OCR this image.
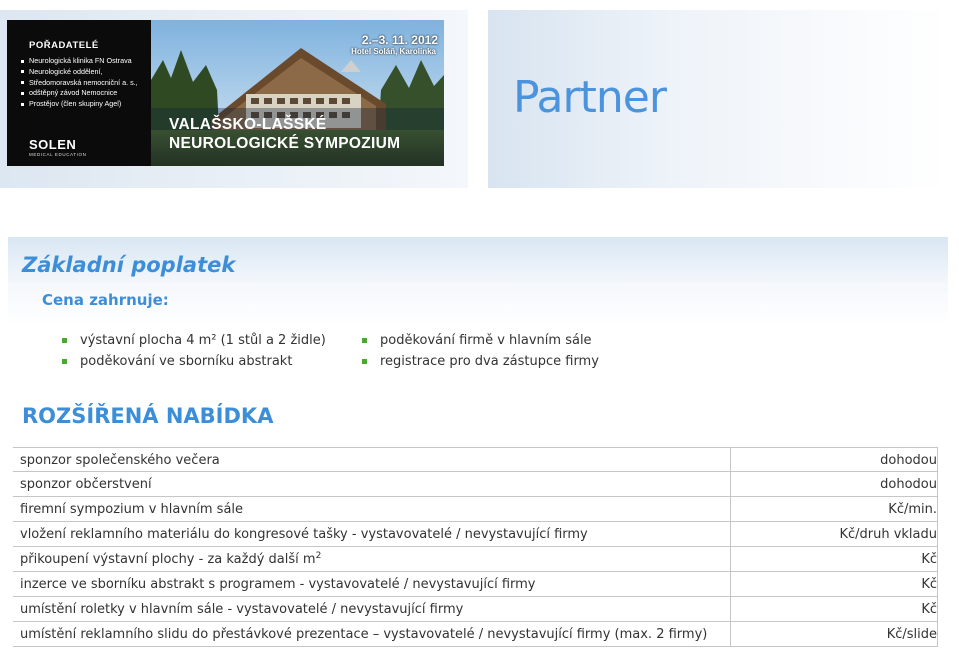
POŘADATELÉ
Neurologická klinika FN Ostrava
Neurologické oddělení,
Středomoravská nemocniční a. s.,
odštěpný závod Nemocnice
Prostějov (člen skupiny Agel)
SOLEN
MEDICAL EDUCATION
2.–3. 11. 2012
Hotel Soláň, Karolinka
VALAŠSKO-LAŠSKÉ
NEUROLOGICKÉ SYMPOZIUM
Partner
Základní poplatek
Cena zahrnuje:
výstavní plocha 4 m² (1 stůl a 2 židle)
poděkování ve sborníku abstrakt
poděkování firmě v hlavním sále
registrace pro dva zástupce firmy
ROZŠÍŘENÁ NABÍDKA
sponzor společenského večera	dohodou
sponzor občerstvení	dohodou
firemní sympozium v hlavním sále	Kč/min.
vložení reklamního materiálu do kongresové tašky - vystavovatelé / nevystavující firmy	Kč/druh vkladu
přikoupení výstavní plochy - za každý další $m^2$	Kč
inzerce ve sborníku abstrakt s programem - vystavovatelé / nevystavující firmy	Kč
umístění roletky v hlavním sále - vystavovatelé / nevystavující firmy	Kč
umístění reklamního slidu do přestávkové prezentace – vystavovatelé / nevystavující firmy (max. 2 firmy)	Kč/slide
